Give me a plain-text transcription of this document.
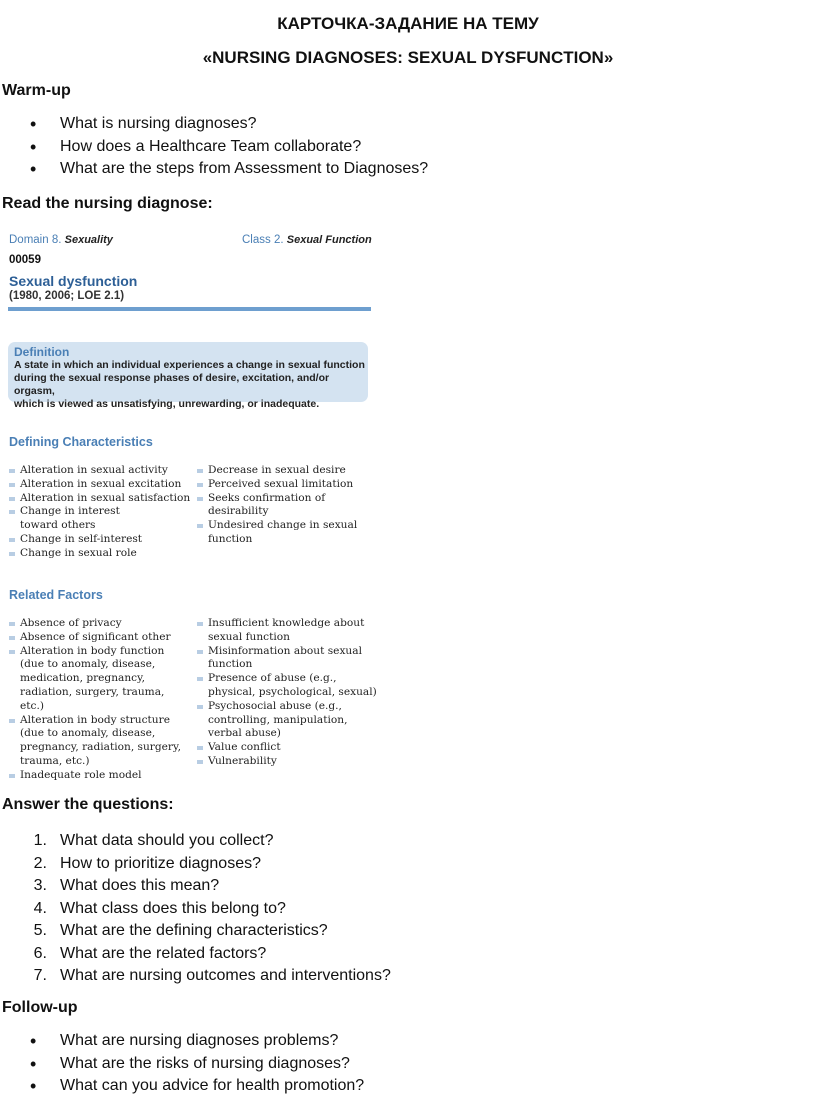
КАРТОЧКА-ЗАДАНИЕ НА ТЕМУ
«NURSING DIAGNOSES: SEXUAL DYSFUNCTION»
Warm-up
• What is nursing diagnoses?
• How does a Healthcare Team collaborate?
• What are the steps from Assessment to Diagnoses?
Read the nursing diagnose:
Domain 8. Sexuality	Class 2. Sexual Function
00059
Sexual dysfunction
(1980, 2006; LOE 2.1)
Definition
A state in which an individual experiences a change in sexual function
during the sexual response phases of desire, excitation, and/or orgasm,
which is viewed as unsatisfying, unrewarding, or inadequate.
Defining Characteristics
Alteration in sexual activity
Alteration in sexual excitation
Alteration in sexual satisfaction
Change in interest toward others
Change in self-interest
Change in sexual role
Decrease in sexual desire
Perceived sexual limitation
Seeks confirmation of desirability
Undesired change in sexual function
Related Factors
Absence of privacy
Absence of significant other
Alteration in body function (due to anomaly, disease, medication, pregnancy, radiation, surgery, trauma, etc.)
Alteration in body structure (due to anomaly, disease, pregnancy, radiation, surgery, trauma, etc.)
Inadequate role model
Insufficient knowledge about sexual function
Misinformation about sexual function
Presence of abuse (e.g., physical, psychological, sexual)
Psychosocial abuse (e.g., controlling, manipulation, verbal abuse)
Value conflict
Vulnerability
Answer the questions:
1. What data should you collect?
2. How to prioritize diagnoses?
3. What does this mean?
4. What class does this belong to?
5. What are the defining characteristics?
6. What are the related factors?
7. What are nursing outcomes and interventions?
Follow-up
• What are nursing diagnoses problems?
• What are the risks of nursing diagnoses?
• What can you advice for health promotion?
